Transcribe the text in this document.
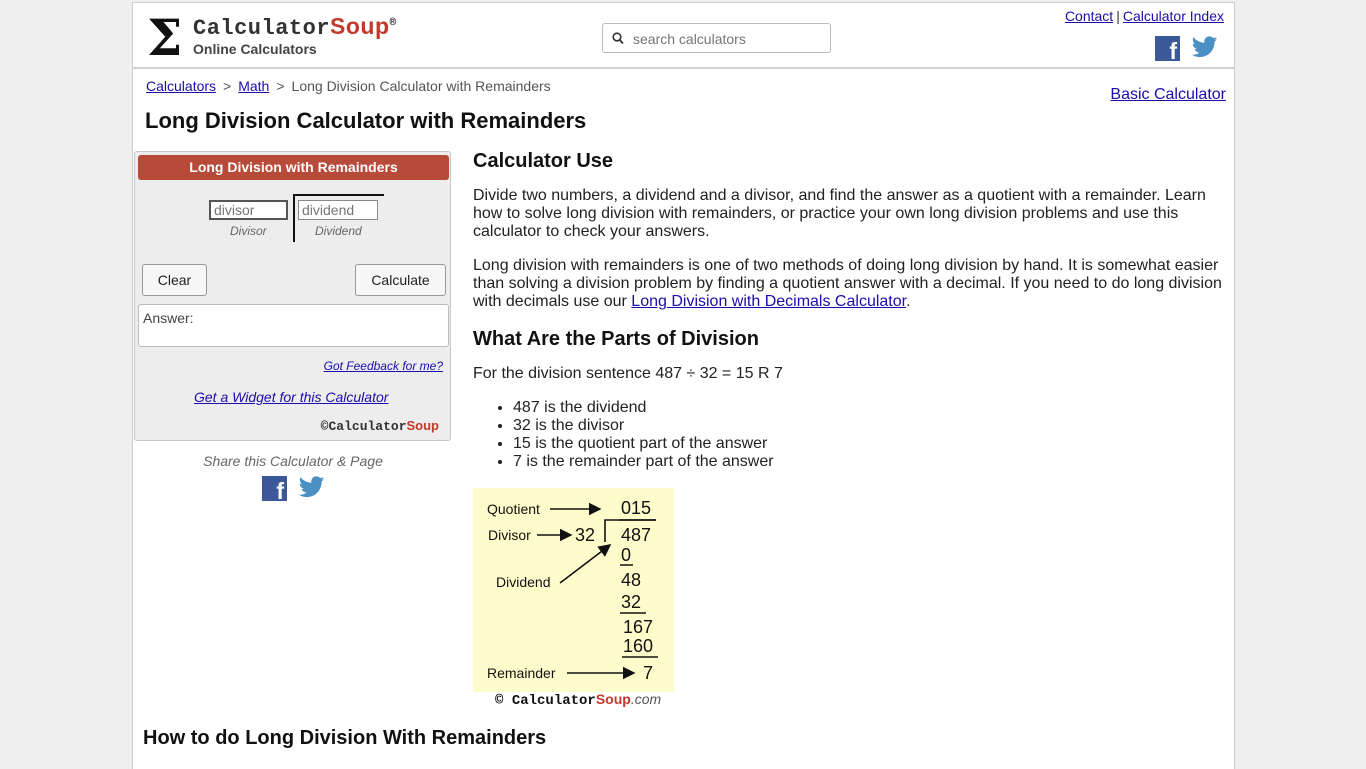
Σ CalculatorSoup®
Online Calculators
search calculators
Contact | Calculator Index
f

Calculators > Math > Long Division Calculator with Remainders	Basic Calculator
Long Division Calculator with Remainders
Long Division with Remainders
divisor
dividend
Divisor	Dividend
Clear	Calculate
Answer:
Got Feedback for me?
Get a Widget for this Calculator
©CalculatorSoup
Share this Calculator & Page
f

Calculator Use

Divide two numbers, a dividend and a divisor, and find the answer as a quotient with a remainder. Learn how to solve long division with remainders, or practice your own long division problems and use this calculator to check your answers.

Long division with remainders is one of two methods of doing long division by hand. It is somewhat easier than solving a division problem by finding a quotient answer with a decimal. If you need to do long division with decimals use our Long Division with Decimals Calculator.

What Are the Parts of Division

For the division sentence 487 ÷ 32 = 15 R 7

• 487 is the dividend
• 32 is the divisor
• 15 is the quotient part of the answer
• 7 is the remainder part of the answer
Quotient	015
Divisor 32 487
0
Dividend	48
32
167
160
Remainder	7
© CalculatorSoup.com
How to do Long Division With Remainders
